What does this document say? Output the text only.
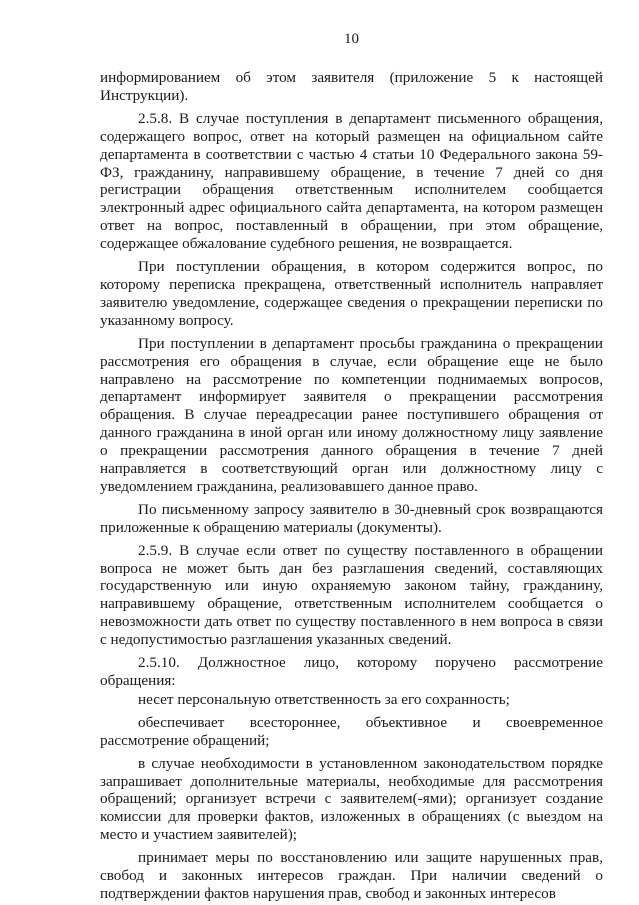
10

информированием об этом заявителя (приложение 5 к настоящей Инструкции).

2.5.8. В случае поступления в департамент письменного обращения, содержащего вопрос, ответ на который размещен на официальном сайте департамента в соответствии с частью 4 статьи 10 Федерального закона 59-ФЗ, гражданину, направившему обращение, в течение 7 дней со дня регистрации обращения ответственным исполнителем сообщается электронный адрес официального сайта департамента, на котором размещен ответ на вопрос, поставленный в обращении, при этом обращение, содержащее обжалование судебного решения, не возвращается.

При поступлении обращения, в котором содержится вопрос, по которому переписка прекращена, ответственный исполнитель направляет заявителю уведомление, содержащее сведения о прекращении переписки по указанному вопросу.

При поступлении в департамент просьбы гражданина о прекращении рассмотрения его обращения в случае, если обращение еще не было направлено на рассмотрение по компетенции поднимаемых вопросов, департамент информирует заявителя о прекращении рассмотрения обращения. В случае переадресации ранее поступившего обращения от данного гражданина в иной орган или иному должностному лицу заявление о прекращении рассмотрения данного обращения в течение 7 дней направляется в соответствующий орган или должностному лицу с уведомлением гражданина, реализовавшего данное право.

По письменному запросу заявителю в 30-дневный срок возвращаются приложенные к обращению материалы (документы).

2.5.9. В случае если ответ по существу поставленного в обращении вопроса не может быть дан без разглашения сведений, составляющих государственную или иную охраняемую законом тайну, гражданину, направившему обращение, ответственным исполнителем сообщается о невозможности дать ответ по существу поставленного в нем вопроса в связи с недопустимостью разглашения указанных сведений.

2.5.10. Должностное лицо, которому поручено рассмотрение обращения:

несет персональную ответственность за его сохранность;

обеспечивает всестороннее, объективное и своевременное рассмотрение обращений;

в случае необходимости в установленном законодательством порядке запрашивает дополнительные материалы, необходимые для рассмотрения обращений; организует встречи с заявителем(-ями); организует создание комиссии для проверки фактов, изложенных в обращениях (с выездом на место и участием заявителей);

принимает меры по восстановлению или защите нарушенных прав, свобод и законных интересов граждан. При наличии сведений о подтверждении фактов нарушения прав, свобод и законных интересов
